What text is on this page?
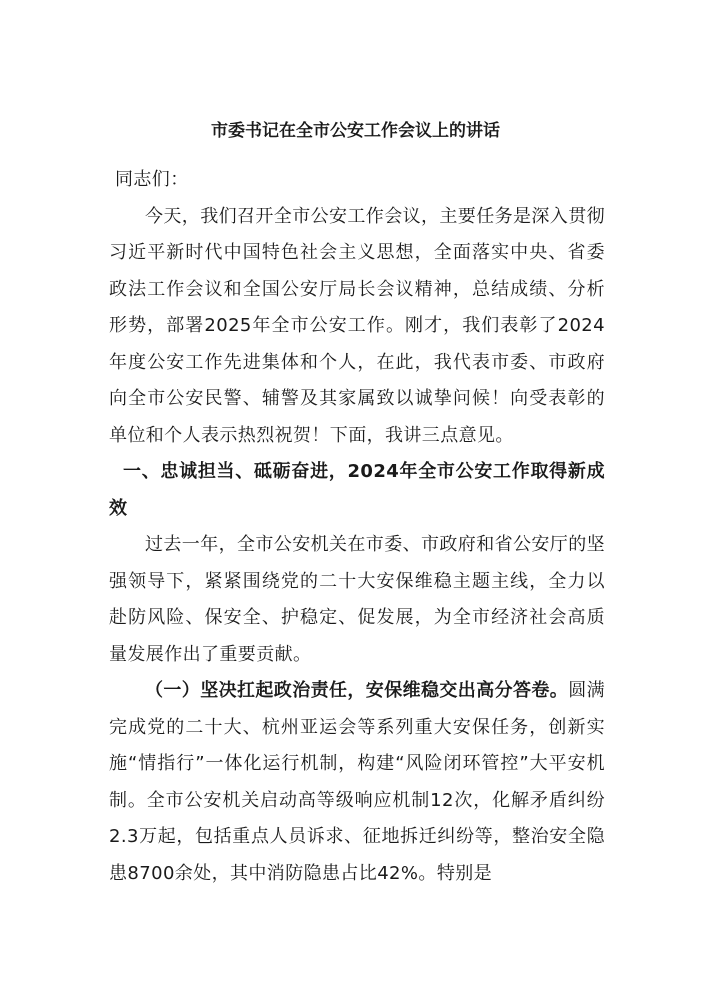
市委书记在全市公安工作会议上的讲话

同志们：

今天，我们召开全市公安工作会议，主要任务是深入贯彻习近平新时代中国特色社会主义思想，全面落实中央、省委政法工作会议和全国公安厅局长会议精神，总结成绩、分析形势，部署2025年全市公安工作。刚才，我们表彰了2024年度公安工作先进集体和个人，在此，我代表市委、市政府向全市公安民警、辅警及其家属致以诚挚问候！向受表彰的单位和个人表示热烈祝贺！下面，我讲三点意见。

一、忠诚担当、砥砺奋进，2024年全市公安工作取得新成效

过去一年，全市公安机关在市委、市政府和省公安厅的坚强领导下，紧紧围绕党的二十大安保维稳主题主线，全力以赴防风险、保安全、护稳定、促发展，为全市经济社会高质量发展作出了重要贡献。

（一）坚决扛起政治责任，安保维稳交出高分答卷。圆满完成党的二十大、杭州亚运会等系列重大安保任务，创新实施“情指行”一体化运行机制，构建“风险闭环管控”大平安机制。全市公安机关启动高等级响应机制12次，化解矛盾纠纷2.3万起，包括重点人员诉求、征地拆迁纠纷等，整治安全隐患8700余处，其中消防隐患占比42%。特别是
